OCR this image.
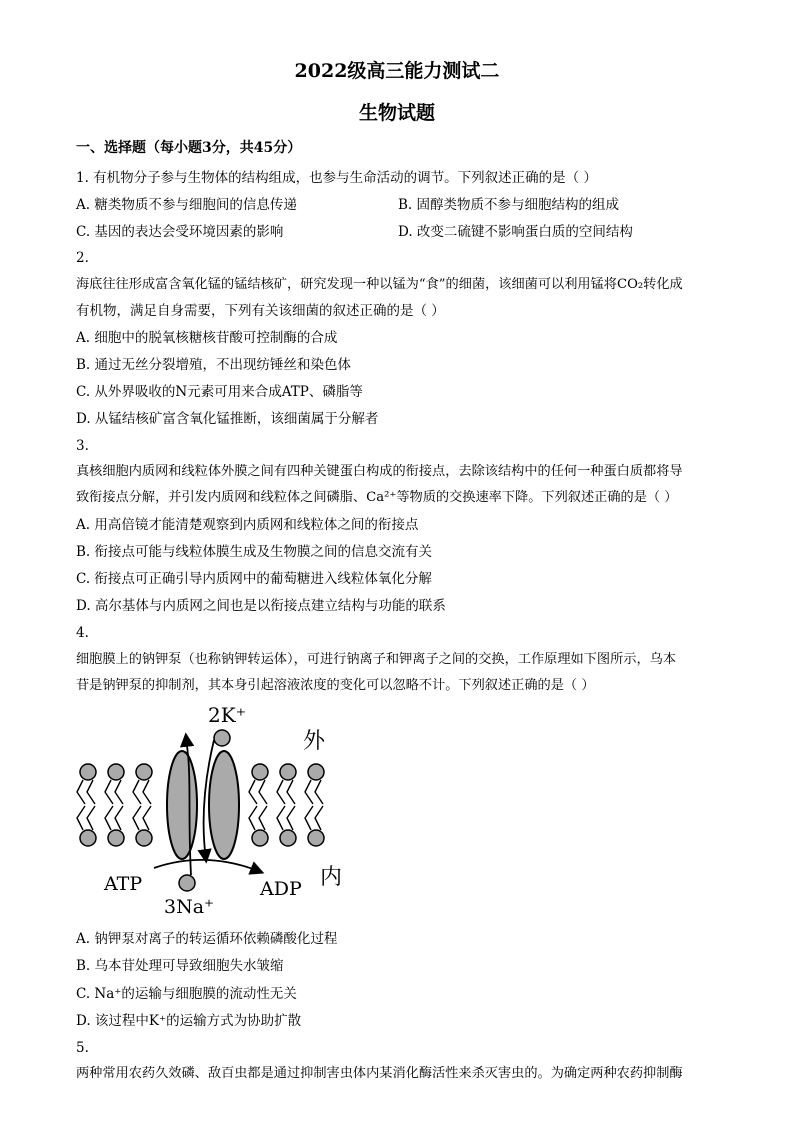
2022级高三能力测试二
生物试题
一、选择题（每小题3分，共45分）
1. 有机物分子参与生物体的结构组成，也参与生命活动的调节。下列叙述正确的是（ ）
A. 糖类物质不参与细胞间的信息传递	B. 固醇类物质不参与细胞结构的组成
C. 基因的表达会受环境因素的影响	D. 改变二硫键不影响蛋白质的空间结构
2.
海底往往形成富含氧化锰的锰结核矿，研究发现一种以锰为“食”的细菌，该细菌可以利用锰将CO₂转化成
有机物，满足自身需要，下列有关该细菌的叙述正确的是（ ）
A. 细胞中的脱氧核糖核苷酸可控制酶的合成
B. 通过无丝分裂增殖，不出现纺锤丝和染色体
C. 从外界吸收的N元素可用来合成ATP、磷脂等
D. 从锰结核矿富含氧化锰推断，该细菌属于分解者
3.
真核细胞内质网和线粒体外膜之间有四种关键蛋白构成的衔接点，去除该结构中的任何一种蛋白质都将导
致衔接点分解，并引发内质网和线粒体之间磷脂、Ca²⁺等物质的交换速率下降。下列叙述正确的是（ ）
A. 用高倍镜才能清楚观察到内质网和线粒体之间的衔接点
B. 衔接点可能与线粒体膜生成及生物膜之间的信息交流有关
C. 衔接点可正确引导内质网中的葡萄糖进入线粒体氧化分解
D. 高尔基体与内质网之间也是以衔接点建立结构与功能的联系
4.
细胞膜上的钠钾泵（也称钠钾转运体），可进行钠离子和钾离子之间的交换，工作原理如下图所示，乌本
苷是钠钾泵的抑制剂，其本身引起溶液浓度的变化可以忽略不计。下列叙述正确的是（ ）
2K⁺
外
内
ATP	ADP
3Na⁺
A. 钠钾泵对离子的转运循环依赖磷酸化过程
B. 乌本苷处理可导致细胞失水皱缩
C. Na⁺的运输与细胞膜的流动性无关
D. 该过程中K⁺的运输方式为协助扩散
5.
两种常用农药久效磷、敌百虫都是通过抑制害虫体内某消化酶活性来杀灭害虫的。为确定两种农药抑制酶
